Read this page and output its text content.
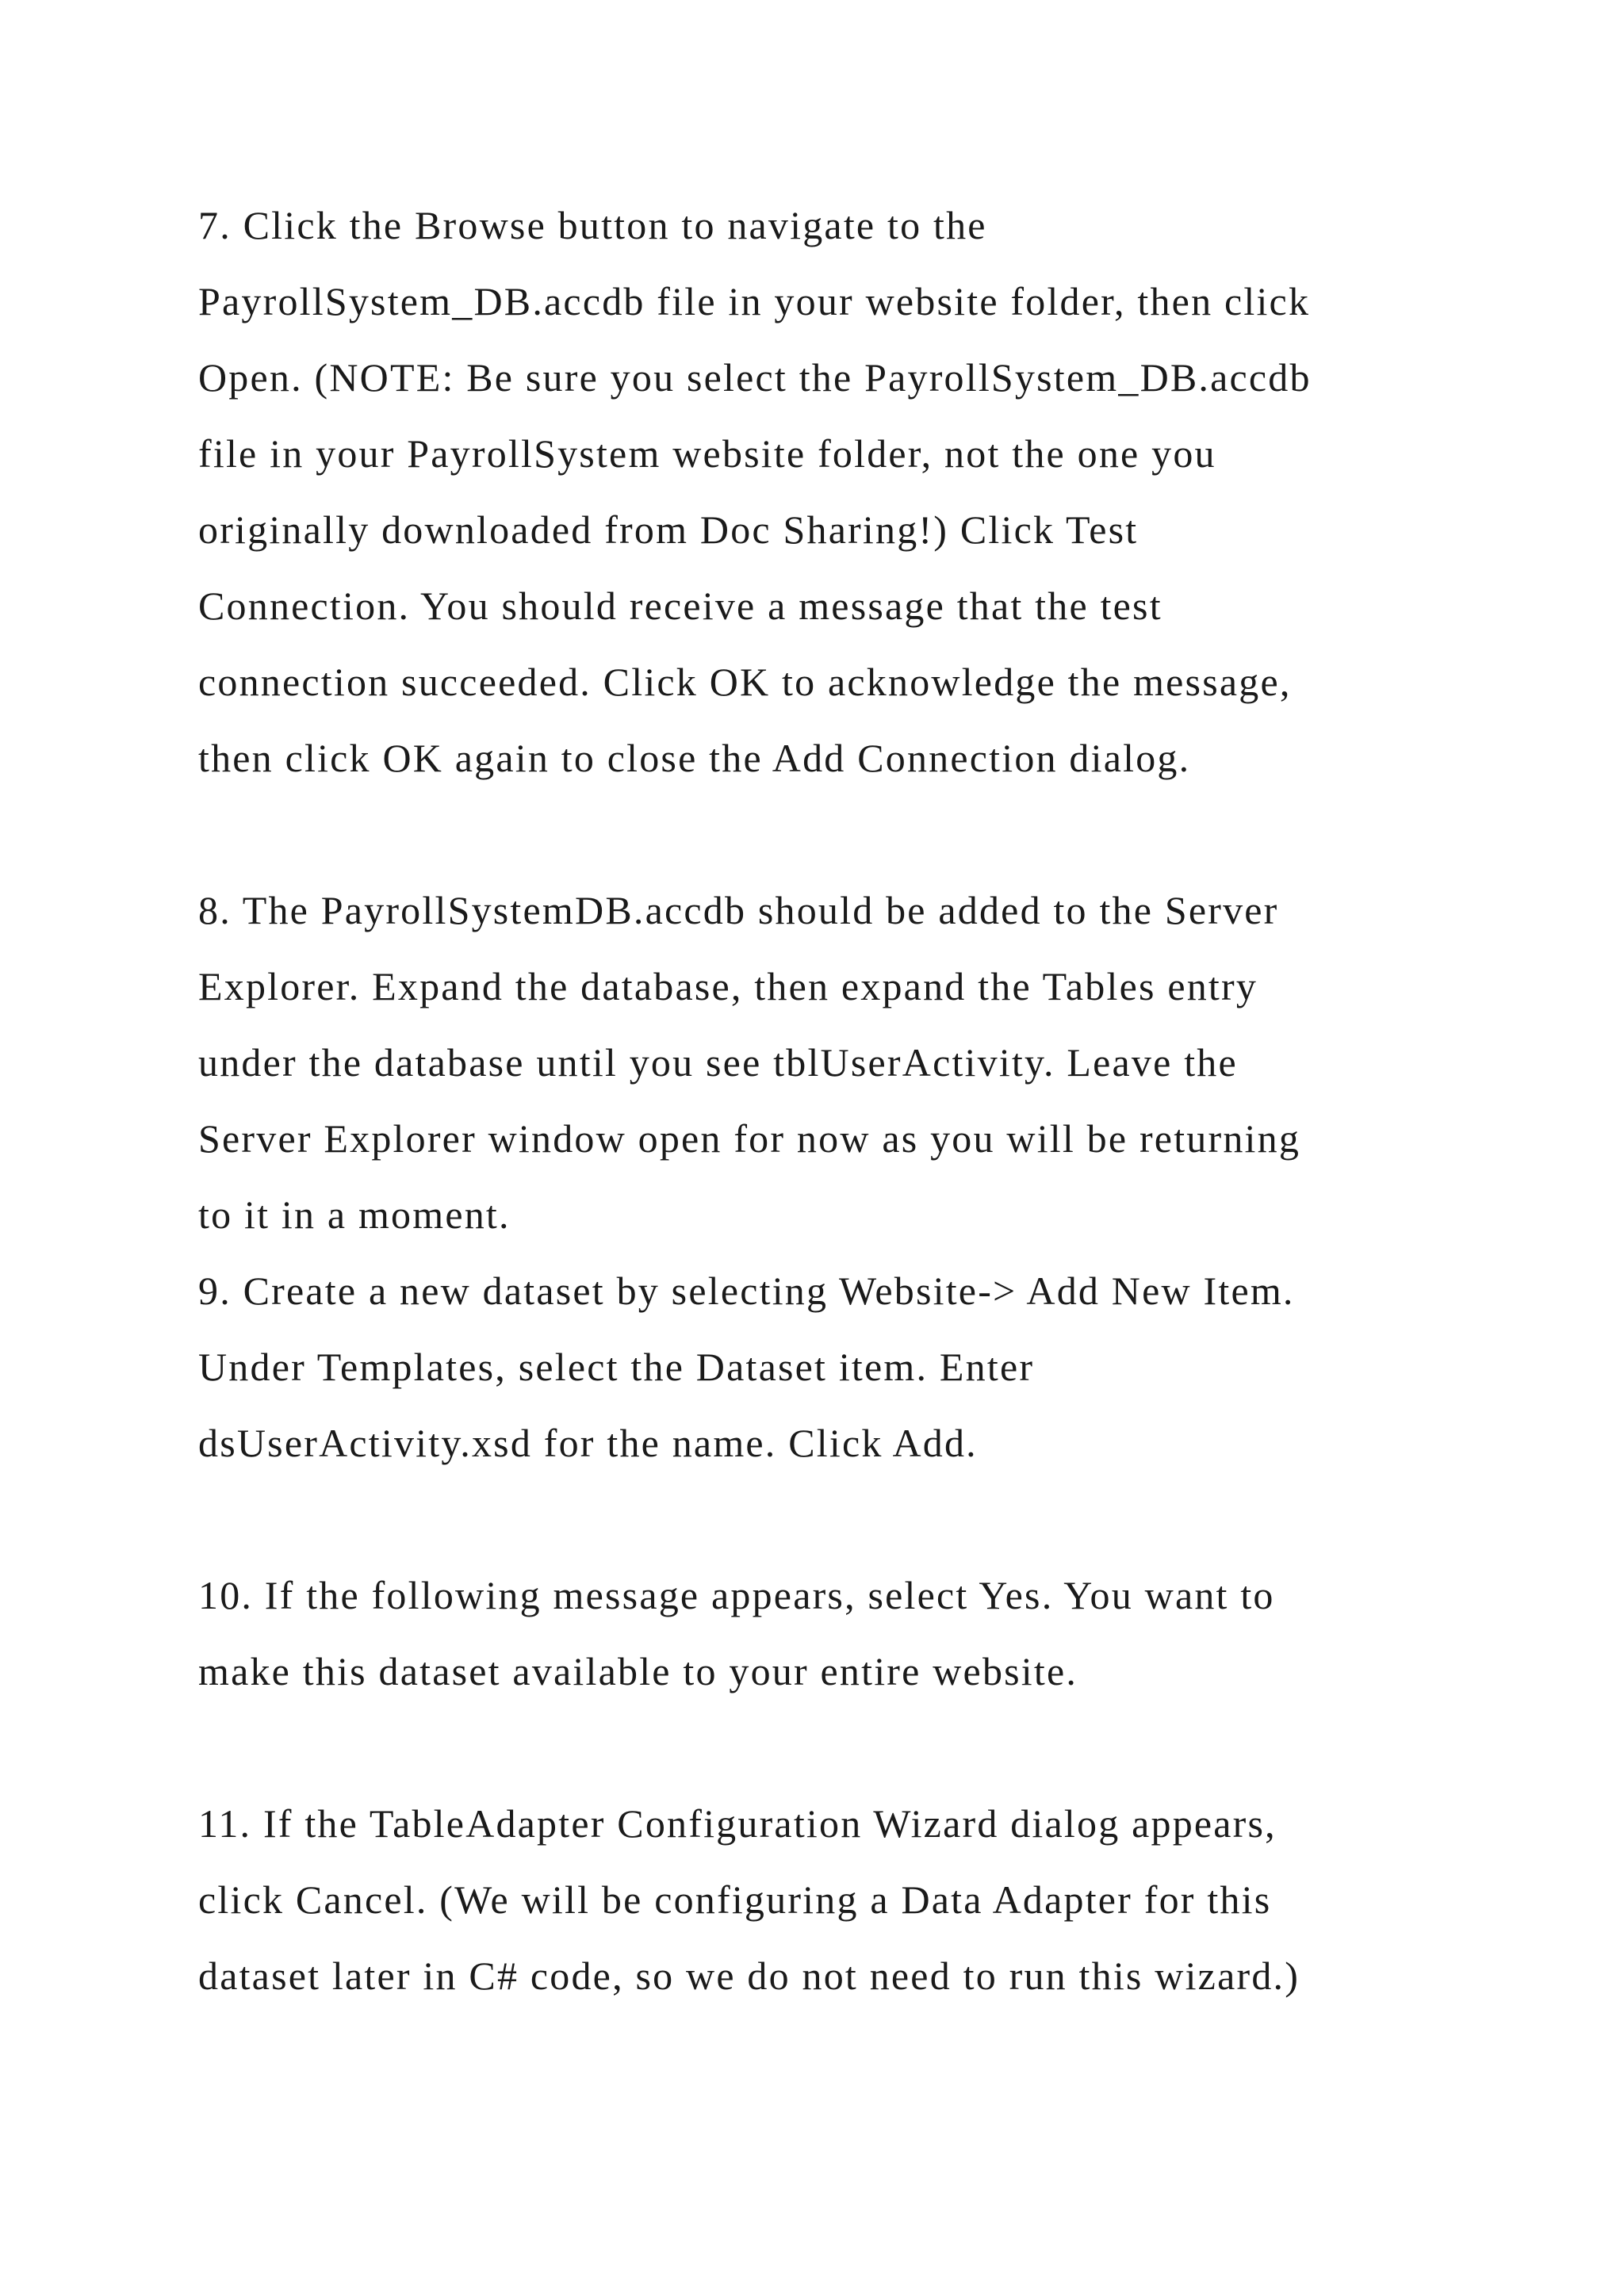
7. Click the Browse button to navigate to the
PayrollSystem_DB.accdb file in your website folder, then click
Open. (NOTE: Be sure you select the PayrollSystem_DB.accdb
file in your PayrollSystem website folder, not the one you
originally downloaded from Doc Sharing!) Click Test
Connection. You should receive a message that the test
connection succeeded. Click OK to acknowledge the message,
then click OK again to close the Add Connection dialog.
8. The PayrollSystemDB.accdb should be added to the Server
Explorer. Expand the database, then expand the Tables entry
under the database until you see tblUserActivity. Leave the
Server Explorer window open for now as you will be returning
to it in a moment.
9. Create a new dataset by selecting Website-> Add New Item.
Under Templates, select the Dataset item. Enter
dsUserActivity.xsd for the name. Click Add.
10. If the following message appears, select Yes. You want to
make this dataset available to your entire website.
11. If the TableAdapter Configuration Wizard dialog appears,
click Cancel. (We will be configuring a Data Adapter for this
dataset later in C# code, so we do not need to run this wizard.)
